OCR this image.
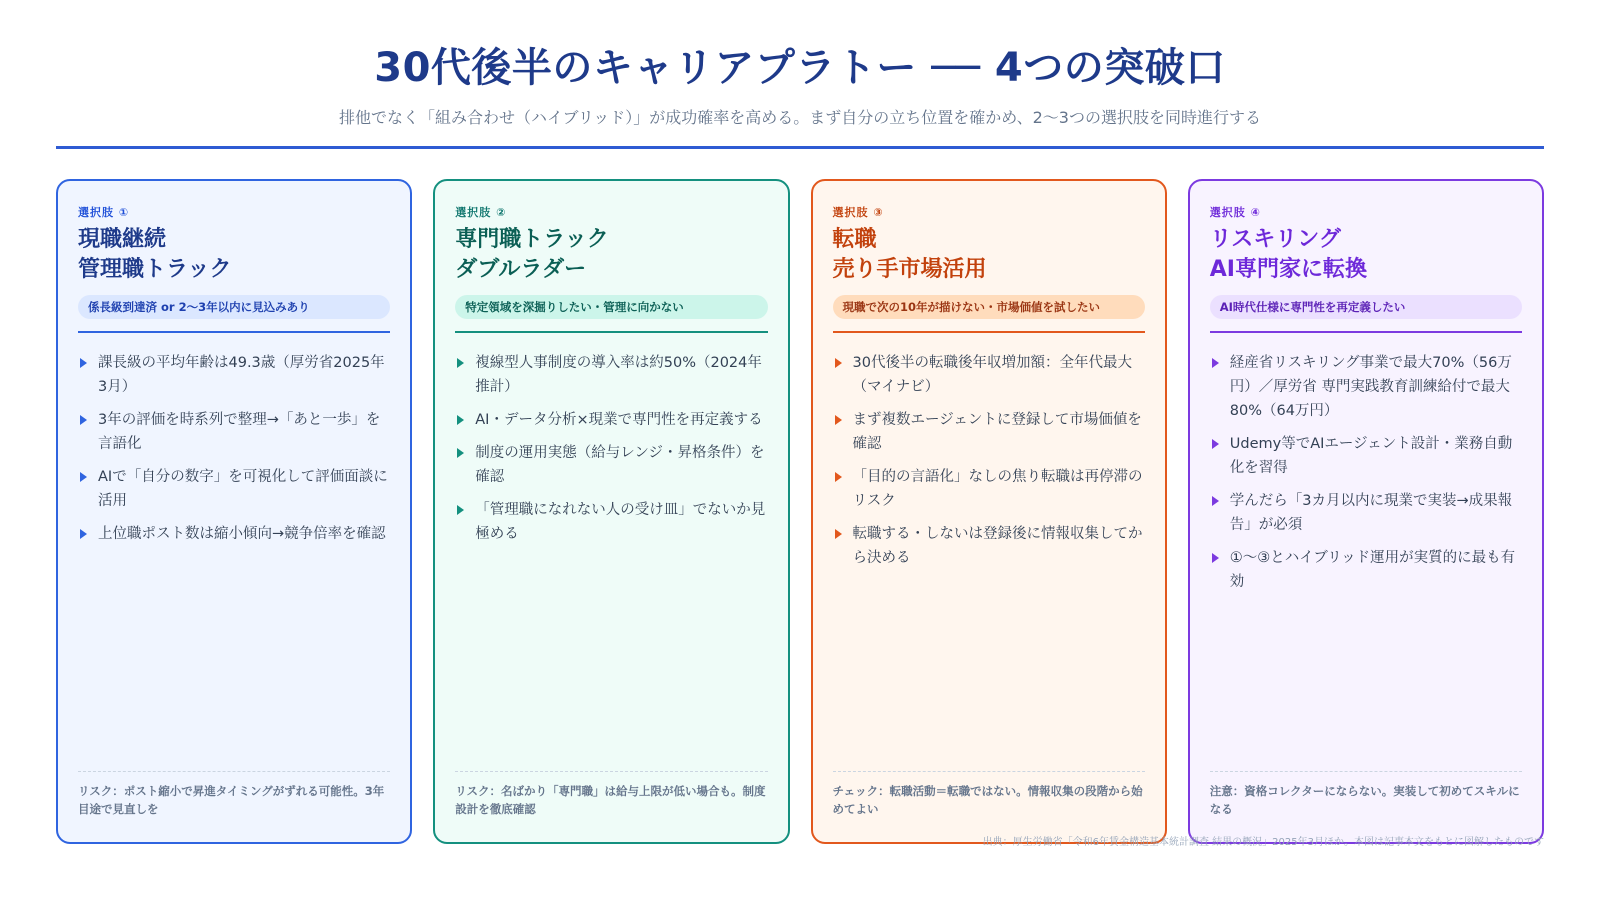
30代後半のキャリアプラトー ── 4つの突破口

排他でなく「組み合わせ（ハイブリッド）」が成功確率を高める。まず自分の立ち位置を確かめ、2〜3つの選択肢を同時進行する

選択肢 ①
現職継続
管理職トラック
係長級到達済 or 2〜3年以内に見込みあり
課長級の平均年齢は49.3歳（厚労省2025年3月）
3年の評価を時系列で整理→「あと一歩」を言語化
AIで「自分の数字」を可視化して評価面談に活用
上位職ポスト数は縮小傾向→競争倍率を確認
リスク：ポスト縮小で昇進タイミングがずれる可能性。3年目途で見直しを
選択肢 ②
専門職トラック
ダブルラダー
特定領域を深掘りしたい・管理に向かない
複線型人事制度の導入率は約50%（2024年推計）
AI・データ分析×現業で専門性を再定義する
制度の運用実態（給与レンジ・昇格条件）を確認
「管理職になれない人の受け皿」でないか見極める
リスク：名ばかり「専門職」は給与上限が低い場合も。制度設計を徹底確認
選択肢 ③
転職
売り手市場活用
現職で次の10年が描けない・市場価値を試したい
30代後半の転職後年収増加額：全年代最大（マイナビ）
まず複数エージェントに登録して市場価値を確認
「目的の言語化」なしの焦り転職は再停滞のリスク
転職する・しないは登録後に情報収集してから決める
チェック：転職活動＝転職ではない。情報収集の段階から始めてよい
選択肢 ④
リスキリング
AI専門家に転換
AI時代仕様に専門性を再定義したい
経産省リスキリング事業で最大70%（56万円）／厚労省 専門実践教育訓練給付で最大80%（64万円）
Udemy等でAIエージェント設計・業務自動化を習得
学んだら「3カ月以内に現業で実装→成果報告」が必須
①〜③とハイブリッド運用が実質的に最も有効
注意：資格コレクターにならない。実装して初めてスキルになる
出典：厚生労働省「令和6年賃金構造基本統計調査 結果の概況」2025年3月ほか。本図は記事本文をもとに図解したものです
